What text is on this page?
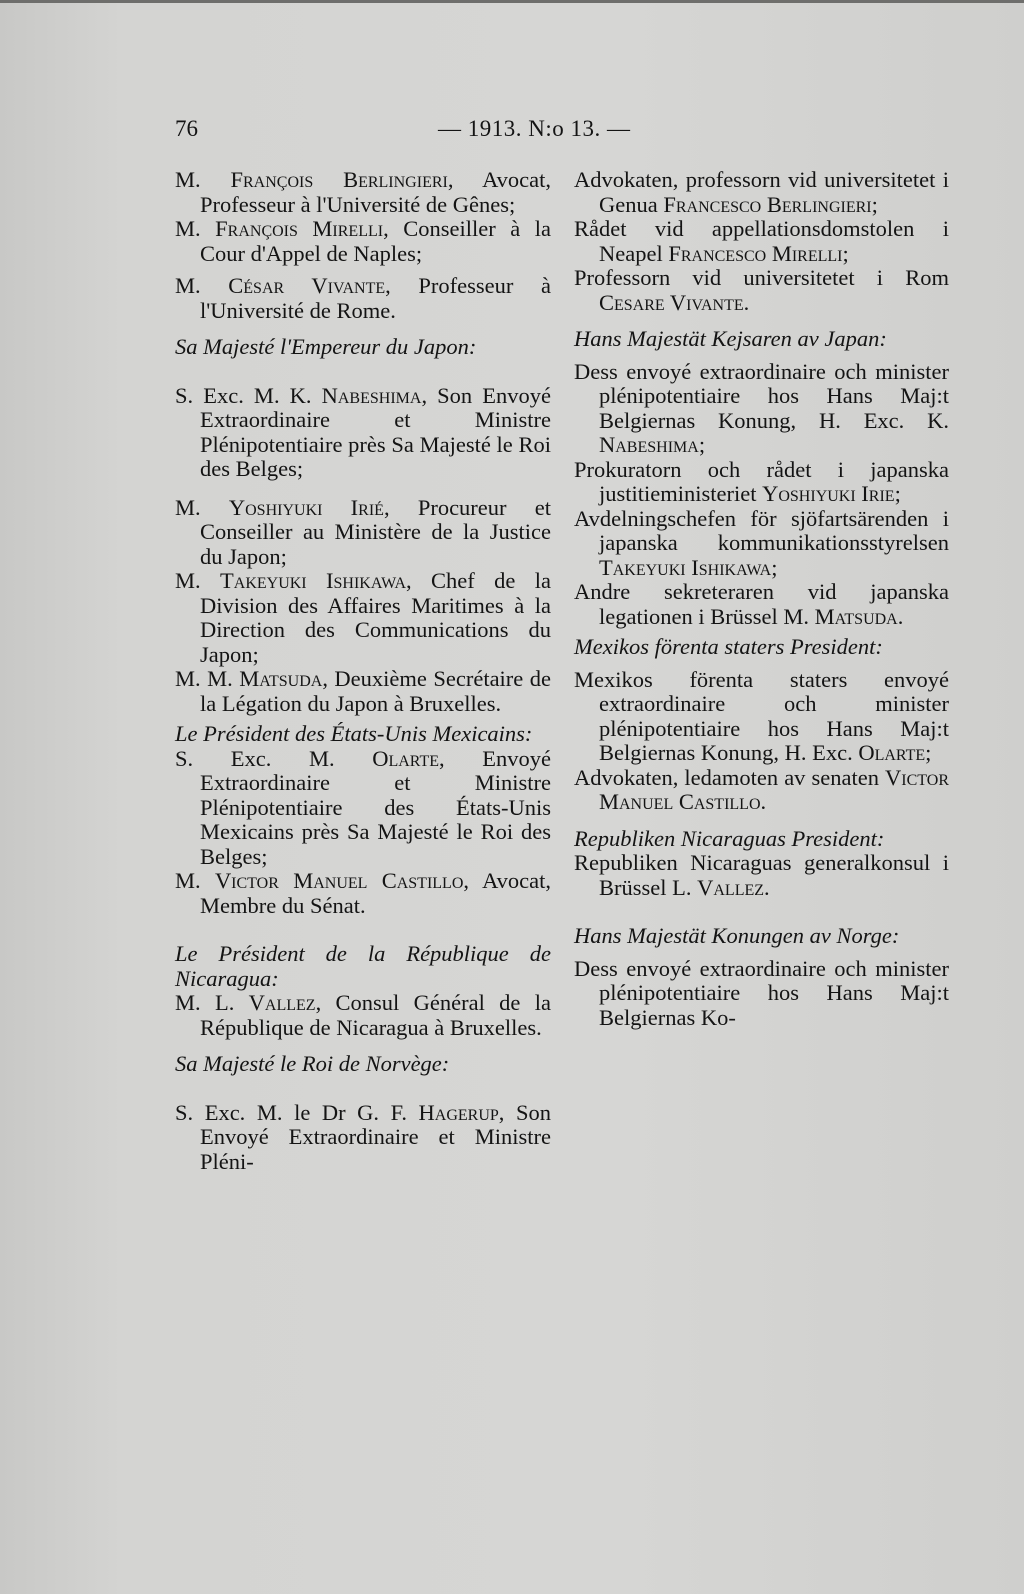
76	— 1913. N:o 13. —
M. François Berlingieri, Avocat, Professeur à l'Université de Gênes;
M. François Mirelli, Conseiller à la Cour d'Appel de Naples;
M. César Vivante, Professeur à l'Université de Rome.
Sa Majesté l'Empereur du Japon:
S. Exc. M. K. Nabeshima, Son Envoyé Extraordinaire et Ministre Plénipotentiaire près Sa Majesté le Roi des Belges;
M. Yoshiyuki Irié, Procureur et Conseiller au Ministère de la Justice du Japon;
M. Takeyuki Ishikawa, Chef de la Division des Affaires Maritimes à la Direction des Communications du Japon;
M. M. Matsuda, Deuxième Secrétaire de la Légation du Japon à Bruxelles.
Le Président des États-Unis Mexicains:
S. Exc. M. Olarte, Envoyé Extraordinaire et Ministre Plénipotentiaire des États-Unis Mexicains près Sa Majesté le Roi des Belges;
M. Victor Manuel Castillo, Avocat, Membre du Sénat.
Le Président de la République de Nicaragua:
M. L. Vallez, Consul Général de la République de Nicaragua à Bruxelles.
Sa Majesté le Roi de Norvège:
S. Exc. M. le Dr G. F. Hagerup, Son Envoyé Extraordinaire et Ministre Pléni-
Advokaten, professorn vid universitetet i Genua Francesco Berlingieri;
Rådet vid appellationsdomstolen i Neapel Francesco Mirelli;
Professorn vid universitetet i Rom Cesare Vivante.
Hans Majestät Kejsaren av Japan:
Dess envoyé extraordinaire och minister plénipotentiaire hos Hans Maj:t Belgiernas Konung, H. Exc. K. Nabeshima;
Prokuratorn och rådet i japanska justitieministeriet Yoshiyuki Irie;
Avdelningschefen för sjöfartsärenden i japanska kommunikationsstyrelsen Takeyuki Ishikawa;
Andre sekreteraren vid japanska legationen i Brüssel M. Matsuda.
Mexikos förenta staters President:
Mexikos förenta staters envoyé extraordinaire och minister plénipotentiaire hos Hans Maj:t Belgiernas Konung, H. Exc. Olarte;
Advokaten, ledamoten av senaten Victor Manuel Castillo.
Republiken Nicaraguas President:
Republiken Nicaraguas generalkonsul i Brüssel L. Vallez.
Hans Majestät Konungen av Norge:
Dess envoyé extraordinaire och minister plénipotentiaire hos Hans Maj:t Belgiernas Ko-
